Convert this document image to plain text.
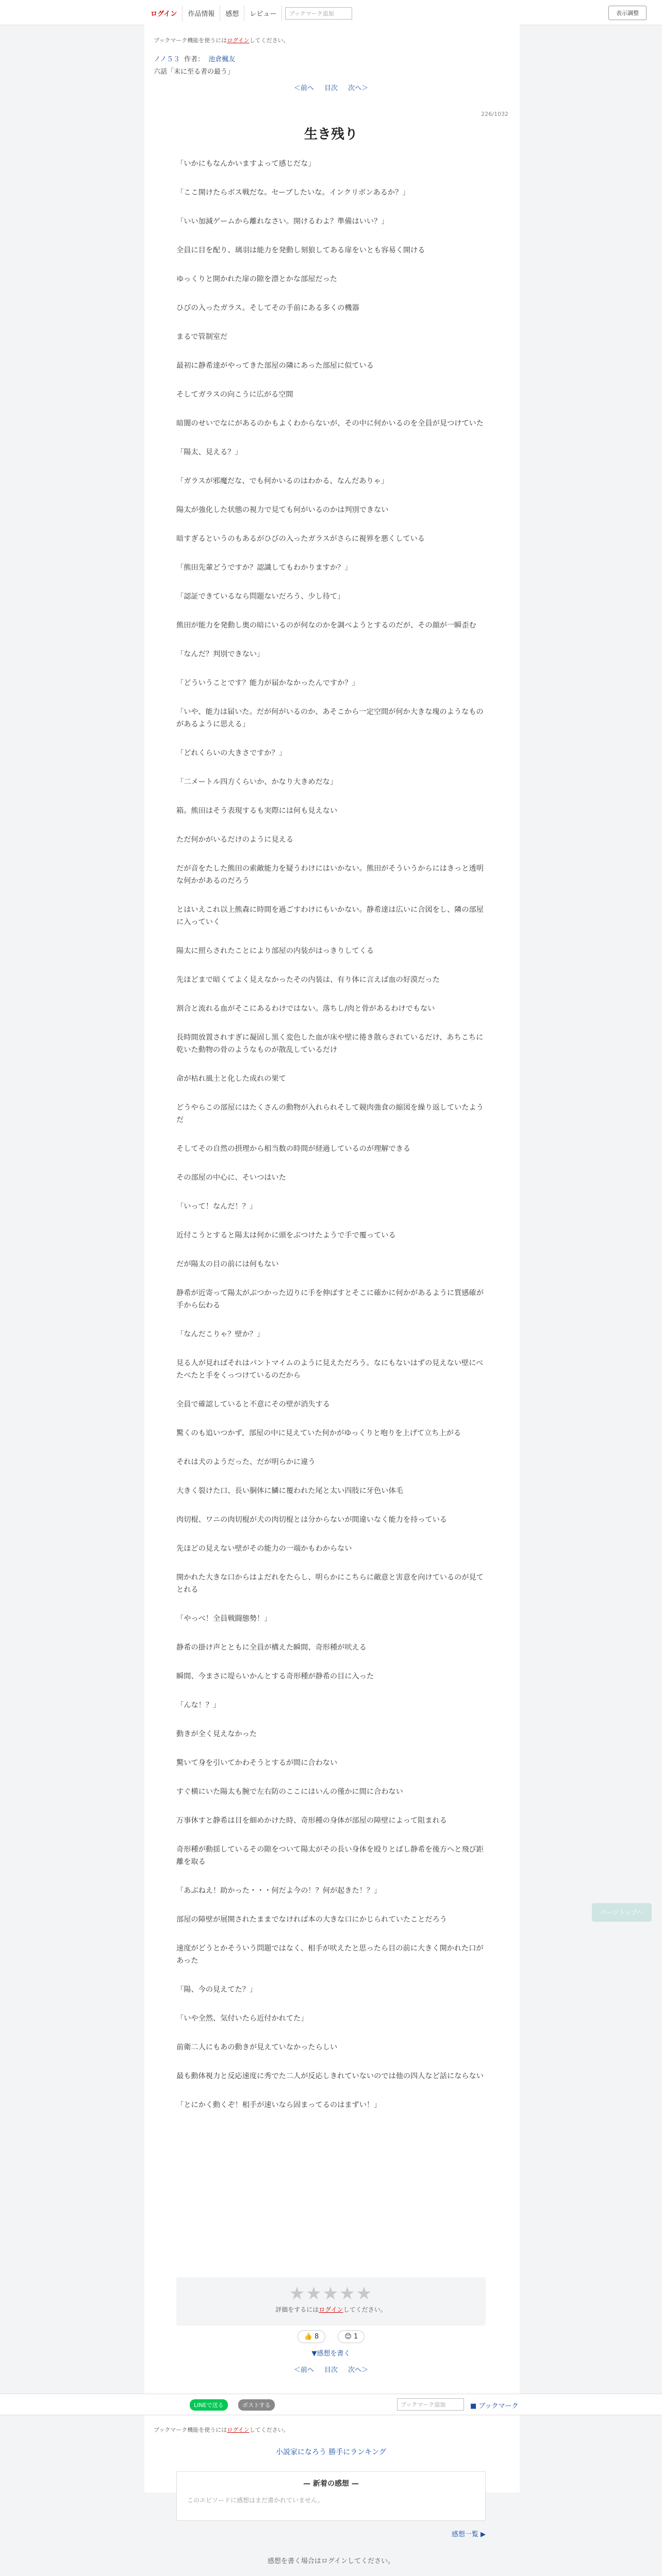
ログイン	作品情報	感想	レビュー	ブックマーク追加	表示調整
ブックマーク機能を使うにはログインしてください。
ノノ５３ 作者： 池倉楓友
六話「末に至る者の最う」
＜前へ 目次 次へ＞
226/1032
生き残り

「いかにもなんかいますよって感じだな」

「ここ開けたらボス戦だな。セーブしたいな。インクリボンあるか？」

「いい加減ゲームから離れなさい。開けるわよ？準備はいい？」

全員に目を配り、璃羽は能力を発動し刻狼してある扉をいとも容易く開ける

ゆっくりと開かれた扉の隙を漂とかな部屋だった

ひびの入ったガラス。そしてその手前にある多くの機器

まるで管制室だ

最初に静希達がやってきた部屋の隣にあった部屋に似ている

そしてガラスの向こうに広がる空間

暗闇のせいでなにがあるのかもよくわからないが、その中に何かいるのを全員が見つけていた

「陽太、見える？」

「ガラスが邪魔だな、でも何かいるのはわかる、なんだありゃ」

陽太が強化した状態の視力で見ても何がいるのかは判別できない

暗すぎるというのもあるがひびの入ったガラスがさらに視界を悪くしている

「熊田先輩どうですか？認識してもわかりますか？」

「認証できているなら問題ないだろう、少し待て」

熊田が能力を発動し奥の暗にいるのが何なのかを調べようとするのだが、その顔が一瞬歪む

「なんだ？判別できない」

「どういうことです？能力が届かなかったんですか？」

「いや、能力は届いた。だが何がいるのか、あそこから一定空間が何か大きな塊のようなものがあるように思える」

「どれくらいの大きさですか？」

「二メートル四方くらいか、かなり大きめだな」

箱。熊田はそう表現するも実際には何も見えない

ただ何かがいるだけのように見える

だが音をたした熊田の索敵能力を疑うわけにはいかない。熊田がそういうからにはきっと透明な何かがあるのだろう

とはいえこれ以上熊森に時間を過ごすわけにもいかない。静希達は広いに合図をし、隣の部屋に入っていく

陽太に照らされたことにより部屋の内装がはっきりしてくる

先ほどまで暗くてよく見えなかったその内装は、有り体に言えば血の好漠だった

割合と流れる血がそこにあるわけではない。落ちし/肉と骨があるわけでもない

長時間放置されすぎに凝固し黒く変色した血が床や壁に捲き散らされているだけ、あちこちに乾いた動物の骨のようなものが散乱しているだけ

命が枯れ風土と化した成れの果て

どうやらこの部屋にはたくさんの動物が入れられそして競肉強食の縮図を繰り返していたようだ

そしてその自然の摂理から相当数の時間が経過しているのが理解できる

その部屋の中心に、そいつはいた

「いって！なんだ！？」

近付こうとすると陽太は何かに頭をぶつけたようで手で覆っている

だが陽太の目の前には何もない

静希が近寄って陽太がぶつかった辺りに手を伸ばすとそこに確かに何かがあるように質感確が手から伝わる

「なんだこりゃ？壁か？」

見る人が見ればそれはパントマイムのように見えただろう。なにもないはずの見えない壁にべたべたと手をくっつけているのだから

全員で確認していると不意にその壁が消失する

驚くのも追いつかず、部屋の中に見えていた何かがゆっくりと咆りを上げて立ち上がる

それは犬のようだった、だが明らかに違う

大きく裂けた口、長い胴体に鱗に覆われた尾と太い四肢に牙色い体毛

肉切棍、ワニの肉切棍が犬の肉切棍とは分からないが間違いなく能力を持っている

先ほどの見えない壁がその能力の一端かもわからない

開かれた大きな口からはよだれをたらし、明らかにこちらに敵意と害意を向けているのが見てとれる

「やっべ！全員戦闘態勢！」

静希の掛け声とともに全員が構えた瞬間、奇形種が吠える

瞬間、今まさに堤らいかんとする奇形種が静希の目に入った

「んな！？」

動きが全く見えなかった

驚いて身を引いてかわそうとするが間に合わない

すぐ横にいた陽太も腕で左右防のここにはいんの僅かに間に合わない

万事休すと静希は目を細めかけた時、奇形種の身体が部屋の障壁によって阻まれる

奇形種が動揺しているその隙をついて陽太がその長い身体を殴りとばし静希を後方へと飛び距離を取る

「あぶねえ！助かった・・・何だよ今の！？何が起きた！？」

部屋の障壁が展開されたままでなければ本の大きな口にかじられていたことだろう

速度がどうとかそういう問題ではなく、相手が吠えたと思ったら目の前に大きく開かれた口があった

「陽、今の見えてた？」

「いや全然、気付いたら近付かれてた」

前衛二人にもあの動きが見えていなかったらしい

最も動体視力と反応速度に秀でた二人が反応しきれていないのでは他の四人など話にならない

「とにかく動くぞ！相手が速いなら固まってるのはまずい！」

ページトップへ
★★★★★
評価をするにはログインしてください。
👍 8	😊 1
▼感想を書く
＜前へ 目次 次へ＞
LINEで送る	ポストする	ブックマーク追加	■ ブックマーク
ブックマーク機能を使うにはログインしてください。
小説家になろう 勝手にランキング
— 新着の感想 —
このエピソードに感想はまだ書かれていません。
感想一覧 ▶
感想を書く場合はログインしてください。
